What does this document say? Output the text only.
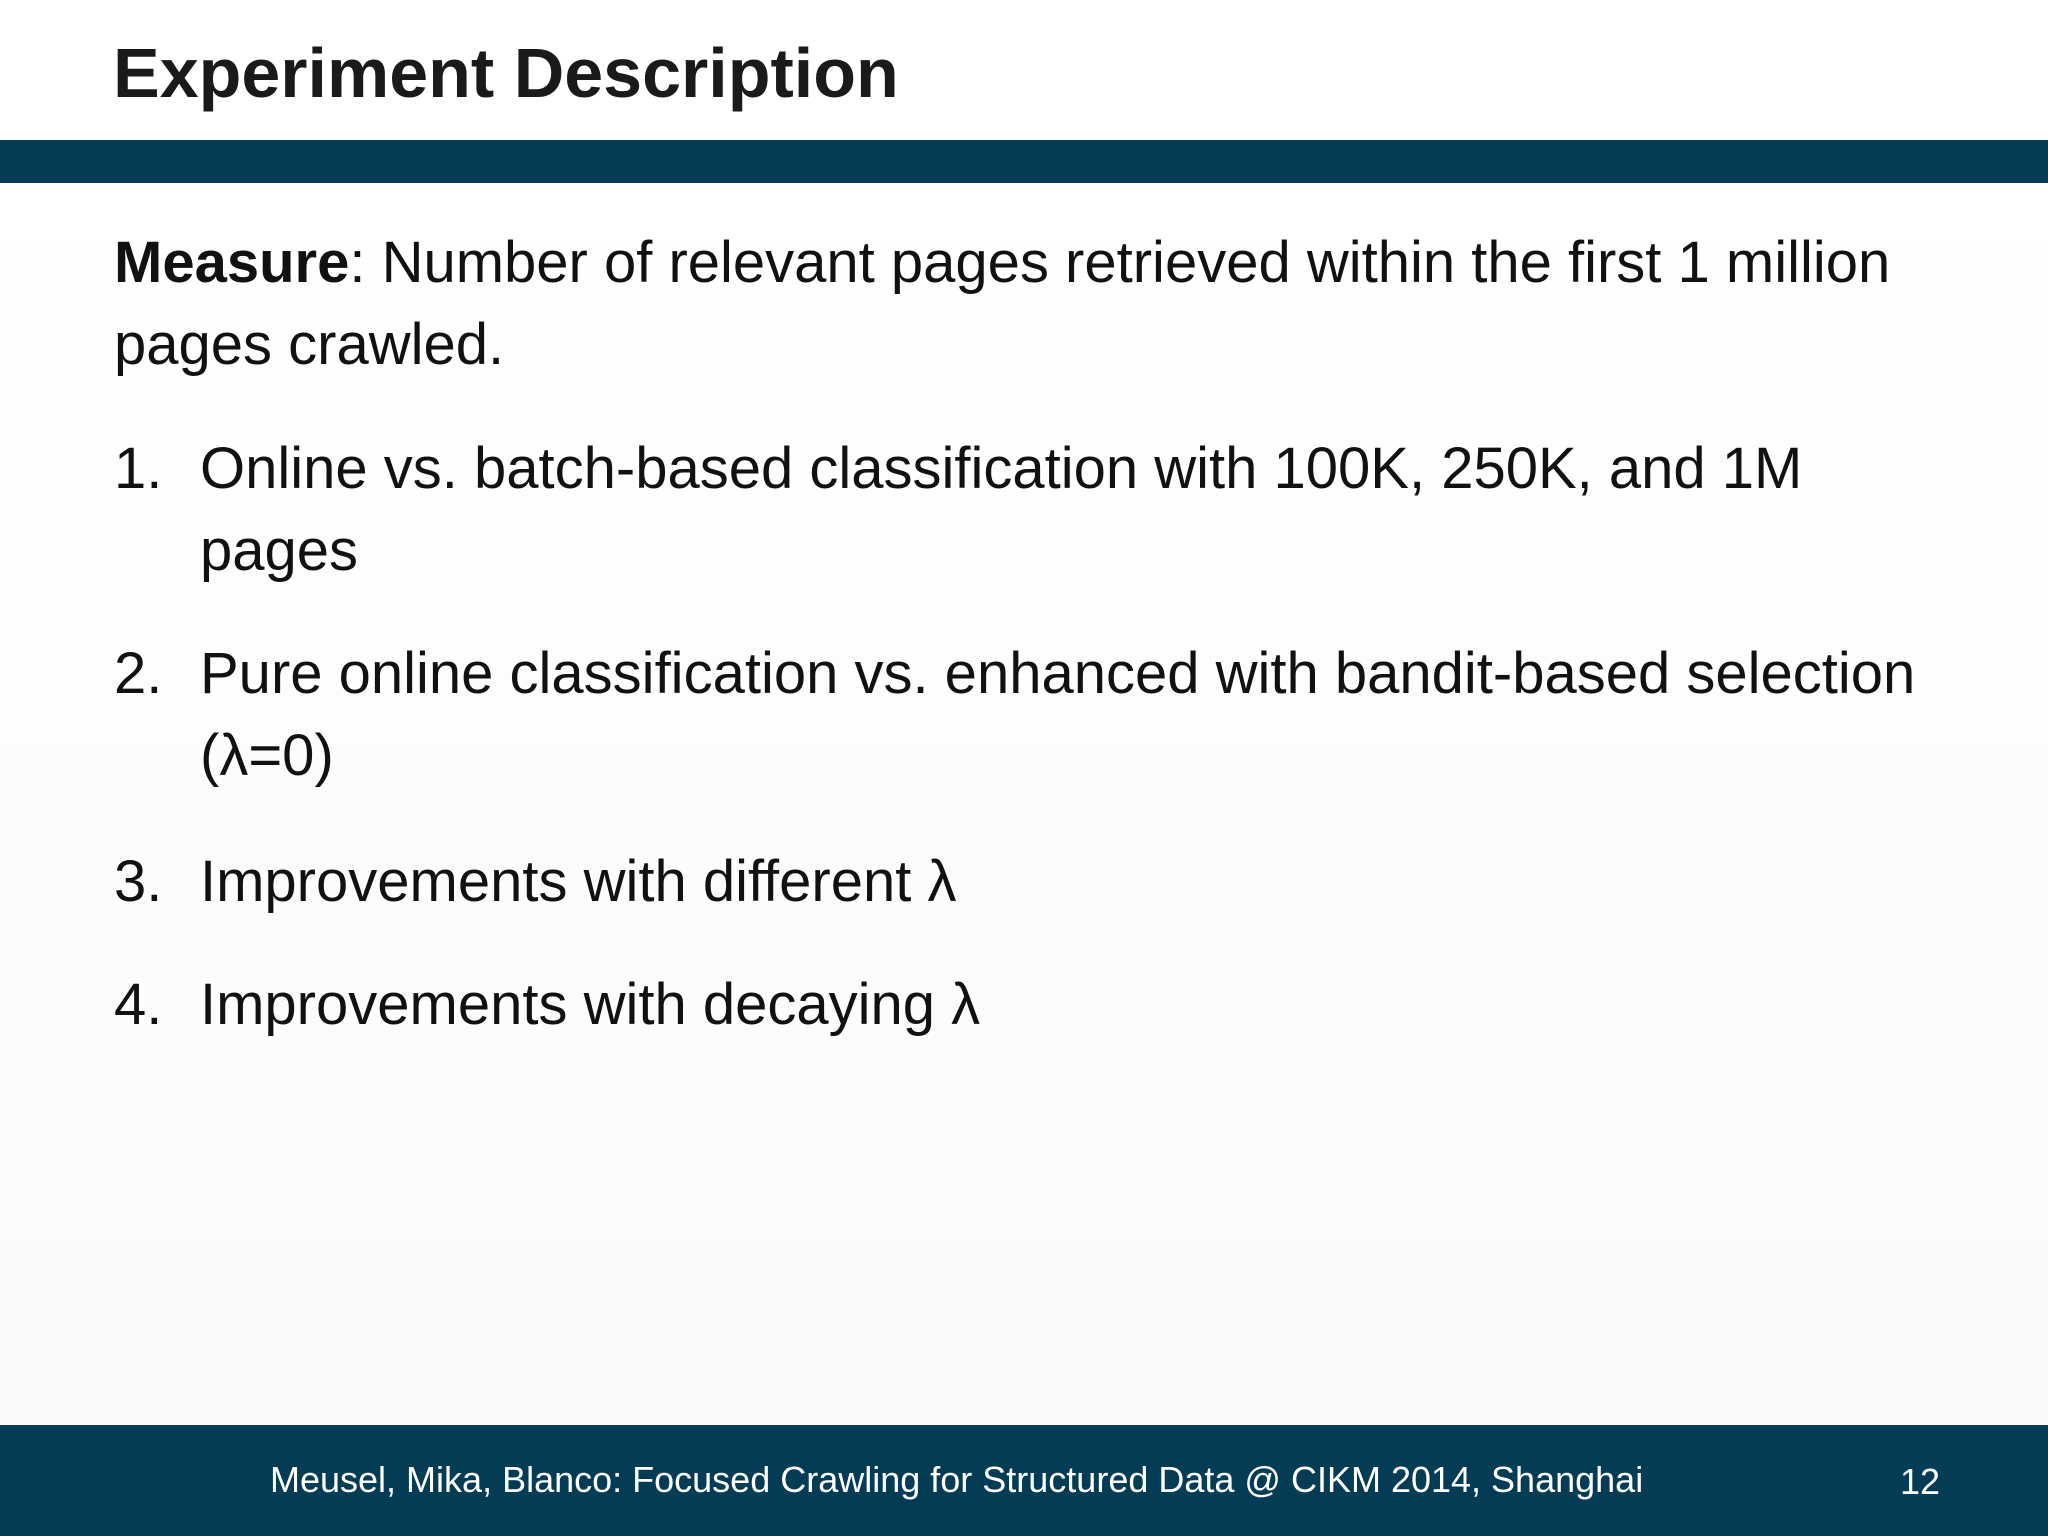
Experiment Description
Measure: Number of relevant pages retrieved within the first 1 million pages crawled.
1. Online vs. batch-based classification with 100K, 250K, and 1M pages
2. Pure online classification vs. enhanced with bandit-based selection (λ=0)
3. Improvements with different λ
4. Improvements with decaying λ
Meusel, Mika, Blanco: Focused Crawling for Structured Data @ CIKM 2014, Shanghai	12
